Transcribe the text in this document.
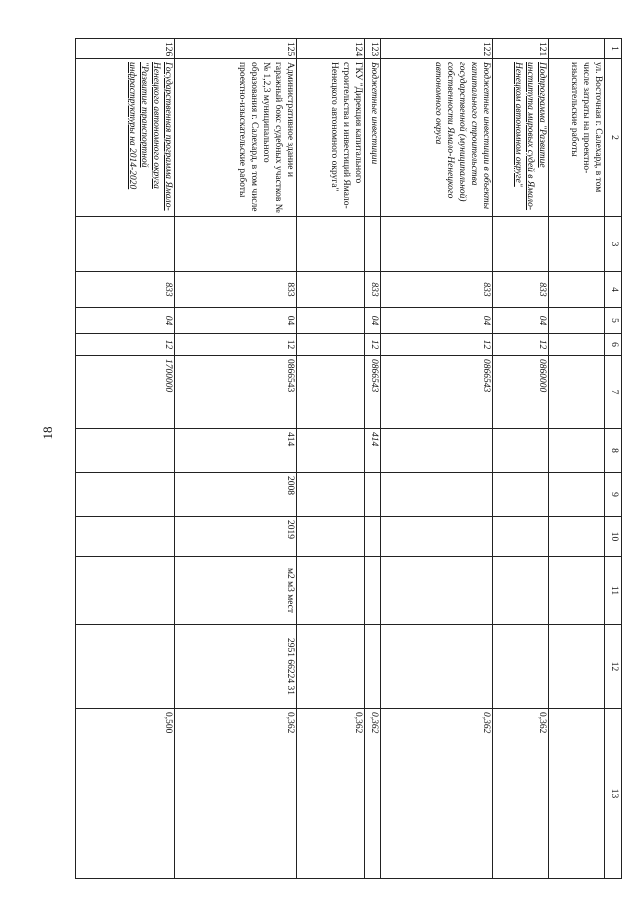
18
1	2	3	4	5	6	7	8	9	10	11	12	13
	ул. Восточная г. Салехард, в том числе затраты на проектно-изыскательские работы											
121	Подпрограмма "Развитие института мировых судей в Ямало-Ненецком автономном округе"		833	04	12	0860000						0,362
122	Бюджетные инвестиции в объекты капитального строительства государственной (муниципальной) собственности Ямало-Ненецкого автономного округа		833	04	12	0866543						0,362
123	Бюджетные инвестиции		833	04	12	0866543	414					0,362
124	ГКУ "Дирекция капитального строительства и инвестиций Ямало-Ненецкого автономного округа"											0,362
125	Административное здание и гаражный бокс судебных участков №№ 1,2,3 муниципального образования г. Салехард, в том числе проектно-изыскательские работы		833	04	12	0866543	414	2008	2019	м2 м3 мест	2951 66224 31	0,362
126	Государственная программа Ямало-Ненецкого автономного округа "Развитие транспортной инфраструктуры на 2014-2020		833	04	12	1700000						0,500
